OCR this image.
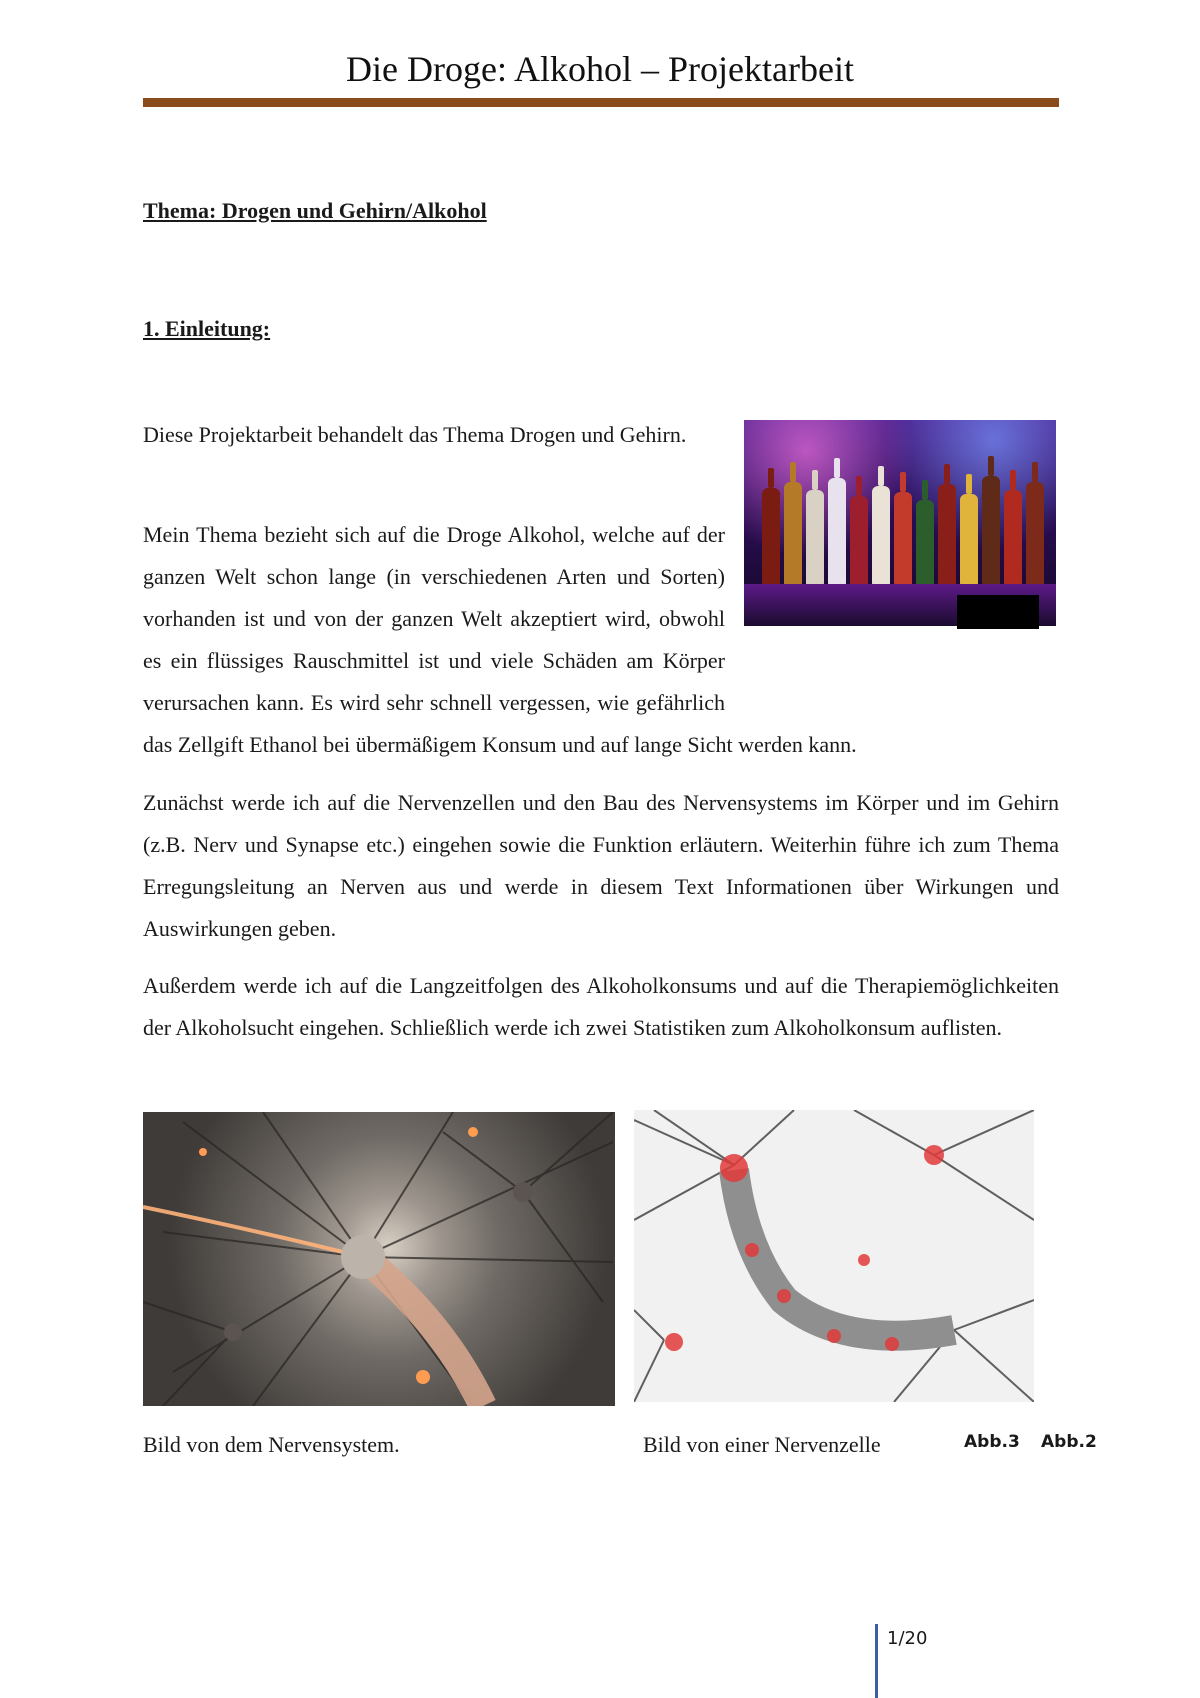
Die Droge: Alkohol – Projektarbeit
Thema: Drogen und Gehirn/Alkohol
1. Einleitung:

Diese Projektarbeit behandelt das Thema Drogen und Gehirn.

Mein Thema bezieht sich auf die Droge Alkohol, welche auf der ganzen Welt schon lange (in verschiedenen Arten und Sorten) vorhanden ist und von der ganzen Welt akzeptiert wird, obwohl es ein flüssiges Rauschmittel ist und viele Schäden am Körper verursachen kann. Es wird sehr schnell vergessen, wie gefährlich das Zellgift Ethanol bei übermäßigem Konsum und auf lange Sicht werden kann.

Zunächst werde ich auf die Nervenzellen und den Bau des Nervensystems im Körper und im Gehirn (z.B. Nerv und Synapse etc.) eingehen sowie die Funktion erläutern. Weiterhin führe ich zum Thema Erregungsleitung an Nerven aus und werde in diesem Text Informationen über Wirkungen und Auswirkungen geben.

Außerdem werde ich auf die Langzeitfolgen des Alkoholkonsums und auf die Therapiemöglichkeiten der Alkoholsucht eingehen. Schließlich werde ich zwei Statistiken zum Alkoholkonsum auflisten.

Bild von dem Nervensystem.	Bild von einer Nervenzelle	Abb.3 Abb.2
1/20
